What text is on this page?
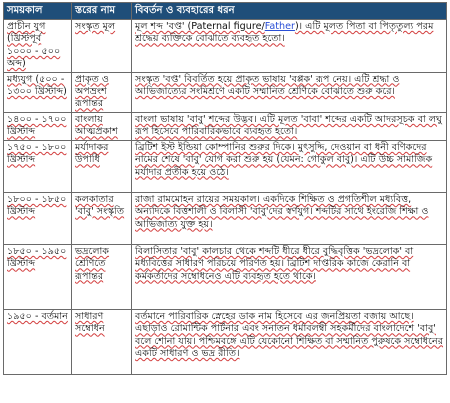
সময়কাল	স্তরের নাম	বিবর্তন ও ব্যবহারের ধরন
প্রাচীন যুগ (খ্রিস্টপূর্ব ১০০০ - ৫০০ অব্দ)	সংস্কৃত মূল	মূল শব্দ 'বপ্ত' (Paternal figure/Father)। এটি মূলত পিতা বা পিতৃতুল্য পরম শ্রদ্ধেয় ব্যক্তিকে বোঝাতে ব্যবহৃত হতো।
মধ্যযুগ (৫০০ - ১৩০০ খ্রিস্টাব্দ)	প্রাকৃত ও অপভ্রংশ রূপান্তর	সংস্কৃত 'বপ্ত' বিবর্তিত হয়ে প্রাকৃত ভাষায় 'বপ্পক' রূপ নেয়। এটি শ্রদ্ধা ও আভিজাত্যের সংমিশ্রণে একটি সম্মানিত শ্রেণিকে বোঝাতে শুরু করে।
১৪০০ - ১৭০০ খ্রিস্টাব্দ	বাংলায় আত্মপ্রকাশ	বাংলা ভাষায় 'বাবু' শব্দের উদ্ভব। এটি মূলত 'বাবা' শব্দের একটি আদরসূচক বা লঘু রূপ হিসেবে পারিবারিকভাবে ব্যবহৃত হতো।
১৭৫০ - ১৮০০ খ্রিস্টাব্দ	মর্যাদাকর উপাধি	ব্রিটিশ ইস্ট ইন্ডিয়া কোম্পানির শুরুর দিকে। মুৎসুদ্দি, দেওয়ান বা ধনী বণিকদের নামের শেষে 'বাবু' যোগ করা শুরু হয় (যেমন: গোকুল বাবু)। এটি উচ্চ সামাজিক মর্যাদার প্রতীক হয়ে ওঠে।
১৮০০ - ১৮৫০ খ্রিস্টাব্দ	কলকাতার 'বাবু' সংস্কৃতি	রাজা রামমোহন রায়ের সময়কাল। একদিকে শিক্ষিত ও প্রগতিশীল মধ্যবিত্ত, অন্যদিকে বিত্তশালী ও বিলাসী 'বাবু'দের স্বর্ণযুগ। শব্দটির সাথে ইংরেজি শিক্ষা ও আভিজাত্য যুক্ত হয়।
১৮৫০ - ১৯৫০ খ্রিস্টাব্দ	ভদ্রলোক শ্রেণিতে রূপান্তর	বিলাসিতার 'বাবু' কালচার থেকে শব্দটি ধীরে ধীরে বুদ্ধিবৃত্তিক 'ভদ্রলোক' বা মধ্যবিত্তের সাধারণ পরিচয়ে পরিণত হয়। ব্রিটিশ দাপ্তরিক কাজে কেরানি বা কর্মকর্তাদের সম্বোধনেও এটি ব্যবহৃত হতে থাকে।
১৯৫০ - বর্তমান	সাধারণ সম্বোধন	বর্তমানে পারিবারিক স্নেহের ডাক নাম হিসেবে এর জনপ্রিয়তা বজায় আছে। এছাড়াও রোমান্টিক পার্টনার এবং সনাতন ধর্মাবলম্বী সহকর্মীদের বাংলাদেশে 'বাবু' বলে শোনা যায়। পশ্চিমবঙ্গে এটি যেকোনো শিক্ষিত বা সম্মানিত পুরুষকে সম্বোধনের একটি সাধারণ ও ভদ্র রীতি।
